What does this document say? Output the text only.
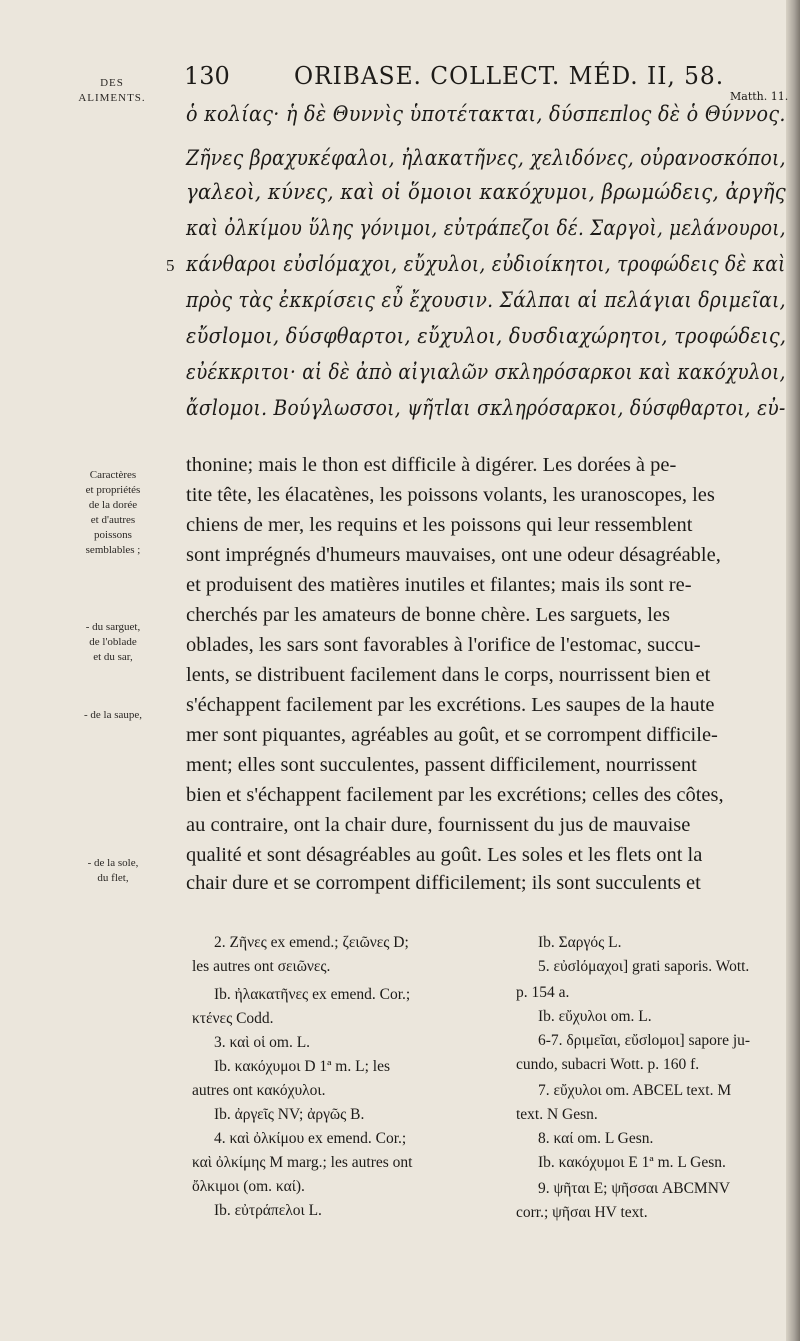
DES
ALIMENTS.
130	ORIBASE. COLLECT. MÉD. II, 58.
Matth. 11.
ὁ κολίας· ἡ δὲ Θυννὶς ὑποτέτακται, δύσπεπlος δὲ ὁ Θύννος.
Ζῆνες βραχυκέφαλοι, ἠλακατῆνες, χελιδόνες, οὐρανοσκόποι,
γαλεοὶ, κύνες, καὶ οἱ ὅμοιοι κακόχυμοι, βρωμώδεις, ἀργῆς
καὶ ὀλκίμου ὕλης γόνιμοι, εὐτράπεζοι δέ. Σαργοὶ, μελάνουροι,
5 κάνθαροι εὐσlόμαχοι, εὔχυλοι, εὐδιοίκητοι, τροφώδεις δὲ καὶ
πρὸς τὰς ἐκκρίσεις εὖ ἔχουσιν. Σάλπαι αἱ πελάγιαι δριμεῖαι,
εὔσlομοι, δύσφθαρτοι, εὔχυλοι, δυσδιαχώρητοι, τροφώδεις,
εὐέκκριτοι· αἱ δὲ ἀπὸ αἰγιαλῶν σκληρόσαρκοι καὶ κακόχυλοι,
ἄσlομοι. Βούγλωσσοι, ψῆτlαι σκληρόσαρκοι, δύσφθαρτοι, εὐ-
Caractères
et propriétés
de la dorée
et d'autres
poissons
semblables ;
- du sarguet,
de l'oblade
et du sar,
- de la saupe,
- de la sole,
du flet,
thonine; mais le thon est difficile à digérer. Les dorées à pe-
tite tête, les élacatènes, les poissons volants, les uranoscopes, les
chiens de mer, les requins et les poissons qui leur ressemblent
sont imprégnés d'humeurs mauvaises, ont une odeur désagréable,
et produisent des matières inutiles et filantes; mais ils sont re-
cherchés par les amateurs de bonne chère. Les sarguets, les
oblades, les sars sont favorables à l'orifice de l'estomac, succu-
lents, se distribuent facilement dans le corps, nourrissent bien et
s'échappent facilement par les excrétions. Les saupes de la haute
mer sont piquantes, agréables au goût, et se corrompent difficile-
ment; elles sont succulentes, passent difficilement, nourrissent
bien et s'échappent facilement par les excrétions; celles des côtes,
au contraire, ont la chair dure, fournissent du jus de mauvaise
qualité et sont désagréables au goût. Les soles et les flets ont la
chair dure et se corrompent difficilement; ils sont succulents et
2. Ζῆνες ex emend.; ζειῶνες D;
les autres ont σειῶνες.
Ib. ἠλακατῆνες ex emend. Cor.;
κτένες Codd.
3. καὶ οἱ om. L.
Ib. κακόχυμοι D 1ª m. L; les
autres ont κακόχυλοι.
Ib. ἀργεῖς NV; ἀργῶς B.
4. καὶ ὀλκίμου ex emend. Cor.;
καὶ ὀλκίμης M marg.; les autres ont
ὄλκιμοι (om. καί).
Ib. εὐτράπελοι L.
Ib. Σαργός L.
5. εὐσlόμαχοι] grati saporis. Wott.
p. 154 a.
Ib. εὔχυλοι om. L.
6-7. δριμεῖαι, εὔσlομοι] sapore ju-
cundo, subacri Wott. p. 160 f.
7. εὔχυλοι om. ABCEL text. M
text. N Gesn.
8. καί om. L Gesn.
Ib. κακόχυμοι E 1ª m. L Gesn.
9. ψῆται E; ψῆσσαι ABCMNV
corr.; ψῆσαι HV text.
